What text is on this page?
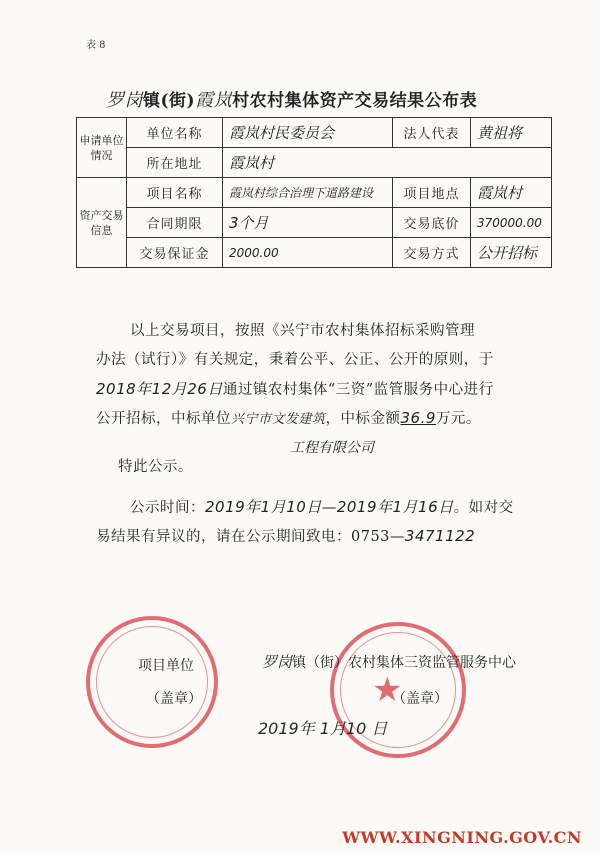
表 8
罗岗镇(街)霞岚村农村集体资产交易结果公布表
申请单位情况	单位名称	霞岚村民委员会	法人代表	黄祖将
	所在地址	霞岚村		
资产交易信息	项目名称	霞岚村综合治理下道路建设	项目地点	霞岚村
	合同期限	3个月	交易底价	370000.00
	交易保证金	2000.00	交易方式	公开招标
以上交易项目，按照《兴宁市农村集体招标采购管理
办法（试行）》有关规定，秉着公平、公正、公开的原则，于
2018年12月26日通过镇农村集体“三资”监管服务中心进行
公开招标，中标单位兴宁市文发建筑，中标金额36.9万元。
工程有限公司
特此公示。
公示时间：2019年1月10日—2019年1月16日。如对交
易结果有异议的，请在公示期间致电：0753—3471122
★
项目单位
（盖章）
罗岗镇（街）农村集体三资监管服务中心
（盖章）
2019年 1月10 日
WWW.XINGNING.GOV.CN
